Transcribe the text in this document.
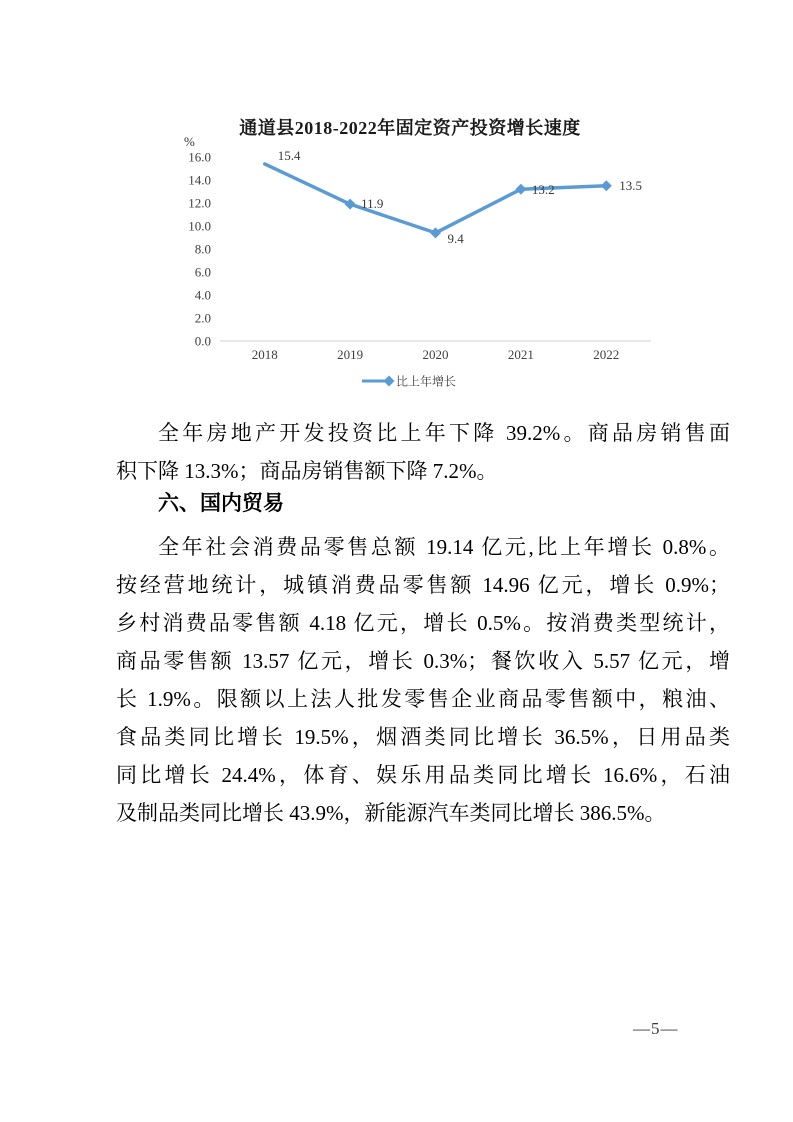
通道县2018-2022年固定资产投资增长速度
%
0.0
2.0
4.0
6.0
8.0
10.0
12.0
14.0
16.0
2018	2019	2020	2021	2022
15.4
11.9
9.4
13.2	13.5
比上年增长
全年房地产开发投资比上年下降 39.2%。商品房销售面
积下降 13.3%；商品房销售额下降 7.2%。
六、国内贸易
全年社会消费品零售总额 19.14 亿元,比上年增长 0.8%。
按经营地统计，城镇消费品零售额 14.96 亿元，增长 0.9%；
乡村消费品零售额 4.18 亿元，增长 0.5%。按消费类型统计，
商品零售额 13.57 亿元，增长 0.3%；餐饮收入 5.57 亿元，增
长 1.9%。限额以上法人批发零售企业商品零售额中，粮油、
食品类同比增长 19.5%，烟酒类同比增长 36.5%，日用品类
同比增长 24.4%，体育、娱乐用品类同比增长 16.6%，石油
及制品类同比增长 43.9%，新能源汽车类同比增长 386.5%。
—5—
